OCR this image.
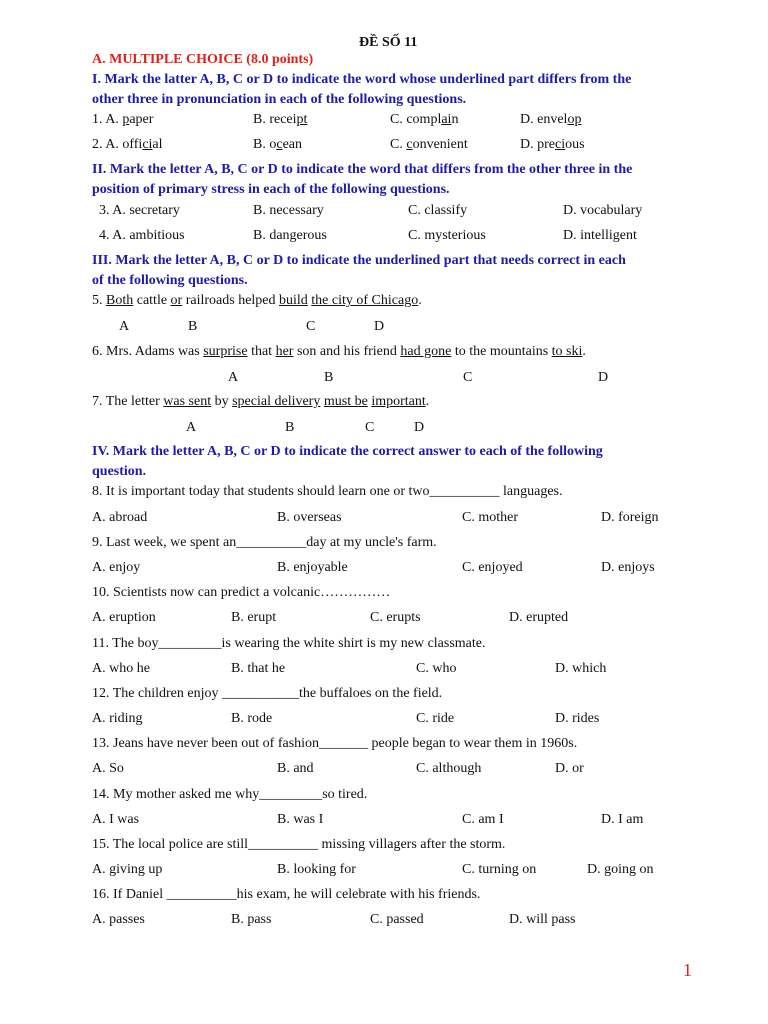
ĐỀ SỐ 11
A. MULTIPLE CHOICE (8.0 points)
I. Mark the latter A, B, C or D to indicate the word whose underlined part differs from the
other three in pronunciation in each of the following questions.
1. A. paper	B. receipt	C. complain	D. envelop
2. A. official	B. ocean	C. convenient	D. precious
II. Mark the letter A, B, C or D to indicate the word that differs from the other three in the
position of primary stress in each of the following questions.
3. A. secretary	B. necessary	C. classify	D. vocabulary
4. A. ambitious	B. dangerous	C. mysterious	D. intelligent
III. Mark the letter A, B, C or D to indicate the underlined part that needs correct in each
of the following questions.
5. Both cattle or railroads helped build the city of Chicago.
A	B	C	D
6. Mrs. Adams was surprise that her son and his friend had gone to the mountains to ski.
A	B	C	D
7. The letter was sent by special delivery must be important.
A	B	C	D
IV. Mark the letter A, B, C or D to indicate the correct answer to each of the following
question.
8. It is important today that students should learn one or two__________ languages.
A. abroad	B. overseas	C. mother	D. foreign
9. Last week, we spent an__________day at my uncle's farm.
A. enjoy	B. enjoyable	C. enjoyed	D. enjoys
10. Scientists now can predict a volcanic……………
A. eruption	B. erupt	C. erupts	D. erupted
11. The boy_________is wearing the white shirt is my new classmate.
A. who he	B. that he	C. who	D. which
12. The children enjoy ___________the buffaloes on the field.
A. riding	B. rode	C. ride	D. rides
13. Jeans have never been out of fashion_______ people began to wear them in 1960s.
A. So	B. and	C. although	D. or
14. My mother asked me why_________so tired.
A. I was	B. was I	C. am I	D. I am
15. The local police are still__________ missing villagers after the storm.
A. giving up	B. looking for	C. turning on	D. going on
16. If Daniel __________his exam, he will celebrate with his friends.
A. passes	B. pass	C. passed	D. will pass
1
